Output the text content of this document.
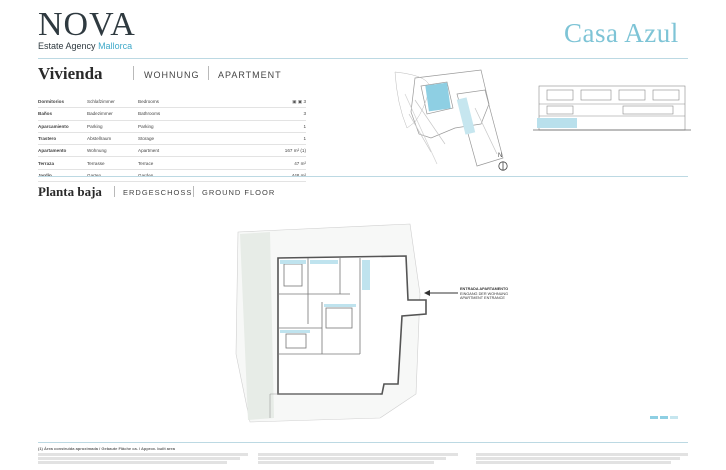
NOVA
Estate Agency Mallorca	Casa Azul
Vivienda	WOHNUNG APARTMENT
Dormitorios	Schlafzimmer	Bedrooms	▣ ▣ 3
Baños	Badezimmer	Bathrooms	3
Aparcamiento	Parking	Parking	1
Trastero	Abstellraum	Storage	1
Apartamento	Wohnung	Apartment	167 m² (1)
Terraza	Terrasse	Terrace	47 m²

N
Planta baja	ERDGESCHOSS GROUND FLOOR
ENTRADA APARTAMENTO
EINGANG DER WOHNUNG
APARTMENT ENTRANCE
(1) Área construida aproximada / Gebaute Fläche ca. / Approx. built area
